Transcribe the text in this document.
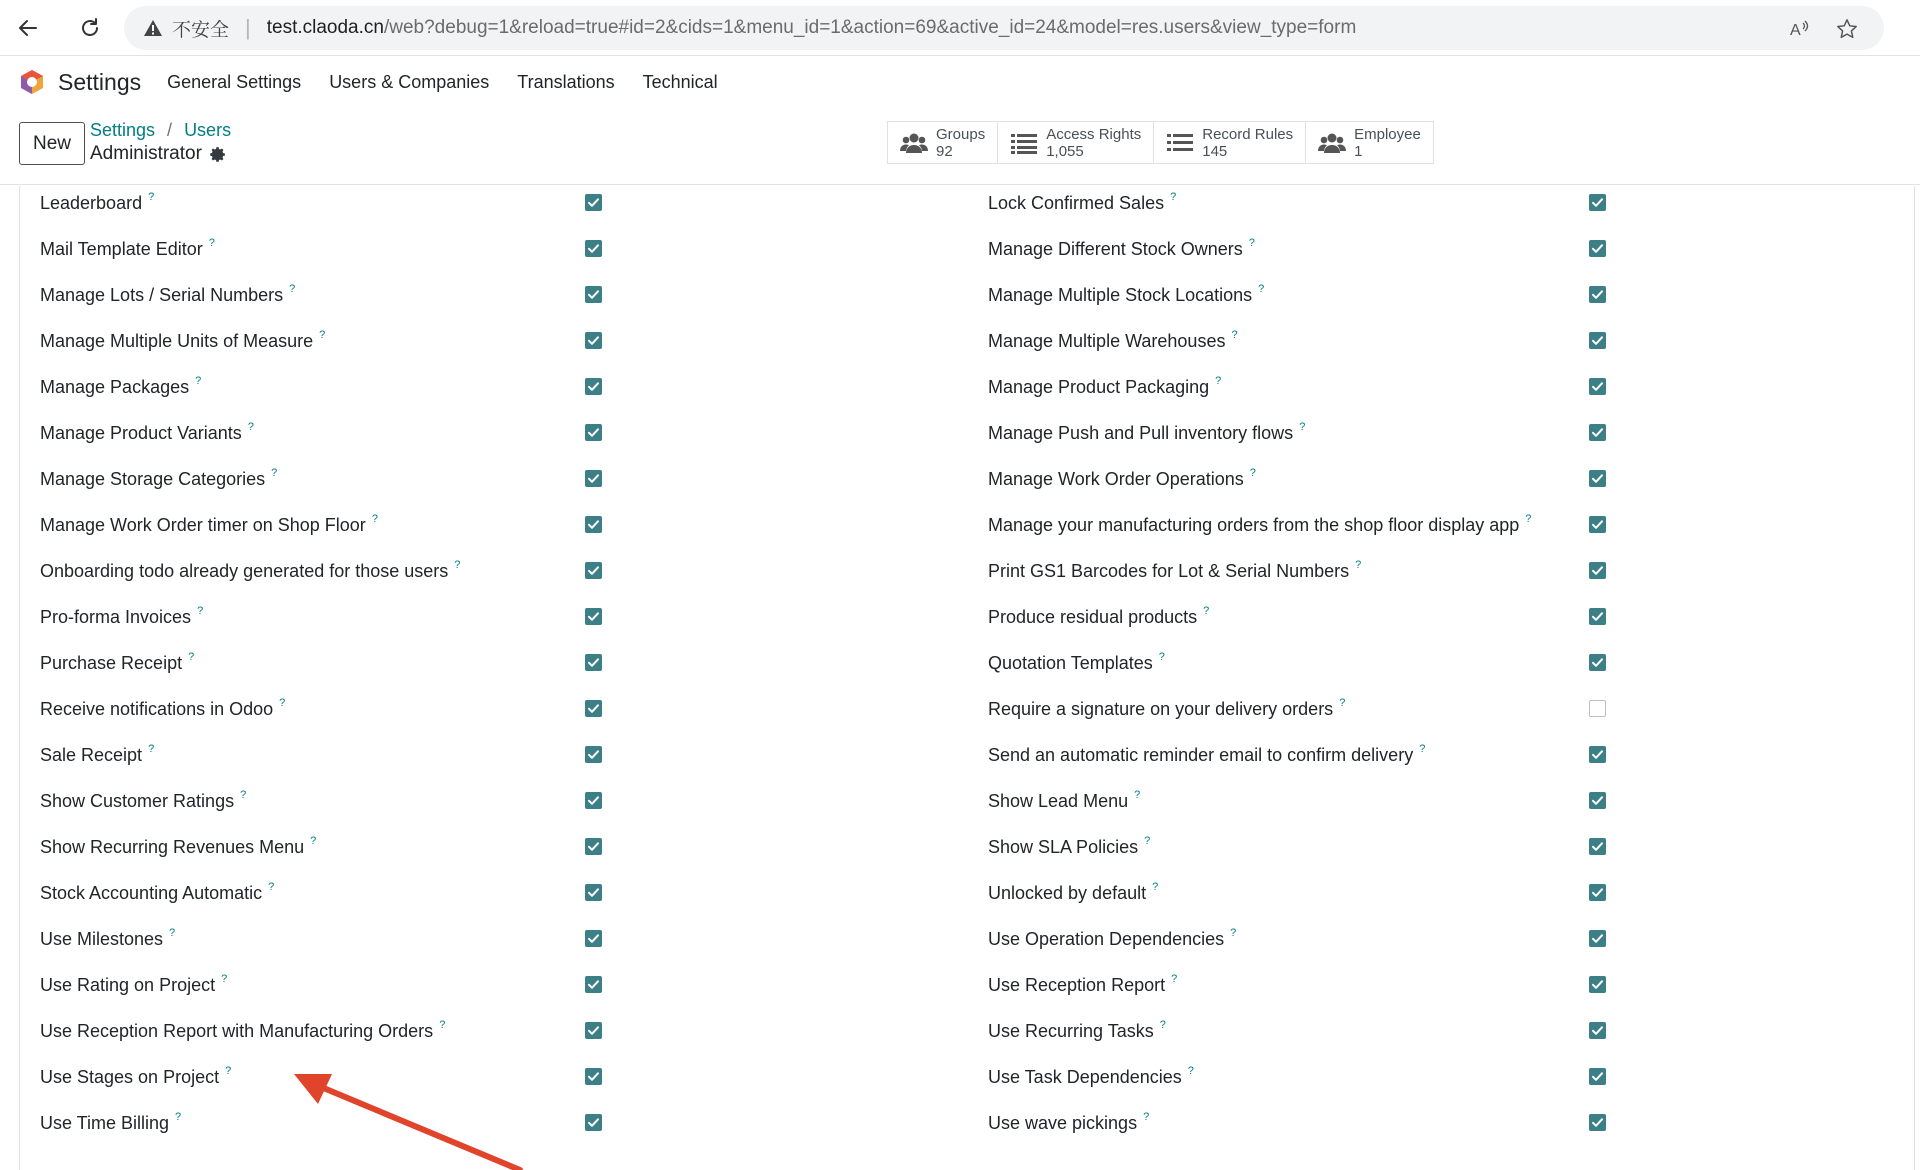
不安全 | test.claoda.cn /web?debug=1&reload=true#id=2&cids=1&menu_id=1&action=69&active_id=24&model=res.users&view_type=form	A
Settings General Settings Users & Companies Translations Technical
New
Settings / Users
Administrator
Groups
92
Access Rights
1,055
Record Rules
145
Employee
1
Leaderboard ?
Mail Template Editor ?
Manage Lots / Serial Numbers ?
Manage Multiple Units of Measure ?
Manage Packages ?
Manage Product Variants ?
Manage Storage Categories ?
Manage Work Order timer on Shop Floor ?
Onboarding todo already generated for those users ?
Pro-forma Invoices ?
Purchase Receipt ?
Receive notifications in Odoo ?
Sale Receipt ?
Show Customer Ratings ?
Show Recurring Revenues Menu ?
Stock Accounting Automatic ?
Use Milestones ?
Use Rating on Project ?
Use Reception Report with Manufacturing Orders ?
Use Stages on Project ?
Use Time Billing ?
Lock Confirmed Sales ?
Manage Different Stock Owners ?
Manage Multiple Stock Locations ?
Manage Multiple Warehouses ?
Manage Product Packaging ?
Manage Push and Pull inventory flows ?
Manage Work Order Operations ?
Manage your manufacturing orders from the shop floor display app ?
Print GS1 Barcodes for Lot & Serial Numbers ?
Produce residual products ?
Quotation Templates ?
Require a signature on your delivery orders ?
Send an automatic reminder email to confirm delivery ?
Show Lead Menu ?
Show SLA Policies ?
Unlocked by default ?
Use Operation Dependencies ?
Use Reception Report ?
Use Recurring Tasks ?
Use Task Dependencies ?
Use wave pickings ?
